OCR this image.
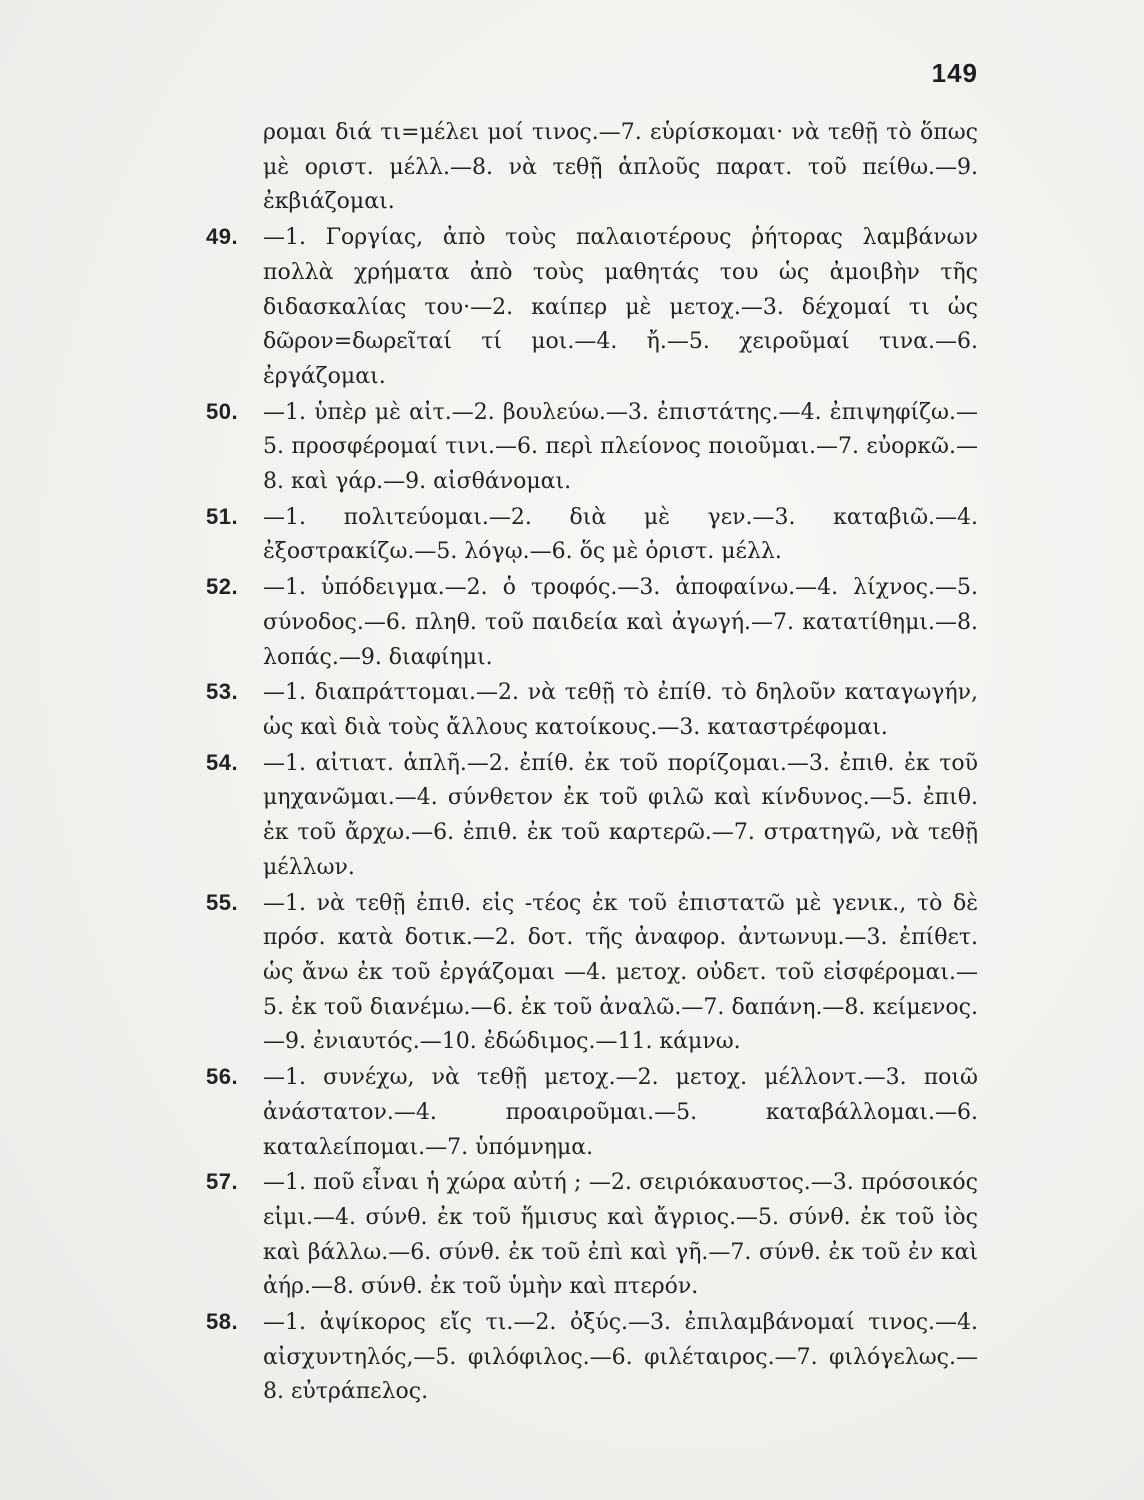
149

ρομαι διά τι=μέλει μοί τινος.—7. εὑρίσκομαι· νὰ τεθῇ τὸ ὅπως μὲ οριστ. μέλλ.—8. νὰ τεθῇ ἁπλοῦς παρατ. τοῦ πείθω.—9. ἐκβιάζομαι.

49.	—1. Γοργίας, ἀπὸ τοὺς παλαιοτέρους ῥήτορας λαμβάνων πολλὰ χρήματα ἀπὸ τοὺς μαθητάς του ὡς ἀμοιβὴν τῆς διδασκαλίας του·—2. καίπερ μὲ μετοχ.—3. δέχομαί τι ὡς δῶρον=δωρεῖταί τί μοι.—4. ἤ.—5. χειροῦμαί τινα.—6. ἐργάζομαι.

50.	—1. ὑπὲρ μὲ αἰτ.—2. βουλεύω.—3. ἐπιστάτης.—4. ἐπιψηφίζω.—5. προσφέρομαί τινι.—6. περὶ πλείονος ποιοῦμαι.—7. εὐορκῶ.—8. καὶ γάρ.—9. αἰσθάνομαι.

51.	—1. πολιτεύομαι.—2. διὰ μὲ γεν.—3. καταβιῶ.—4. ἐξοστρακίζω.—5. λόγῳ.—6. ὅς μὲ ὁριστ. μέλλ.

52.	—1. ὑπόδειγμα.—2. ὁ τροφός.—3. ἀποφαίνω.—4. λίχνος.—5. σύνοδος.—6. πληθ. τοῦ παιδεία καὶ ἀγωγή.—7. κατατίθημι.—8. λοπάς.—9. διαφίημι.

53.	—1. διαπράττομαι.—2. νὰ τεθῇ τὸ ἐπίθ. τὸ δηλοῦν καταγωγήν, ὡς καὶ διὰ τοὺς ἄλλους κατοίκους.—3. καταστρέφομαι.

54.	—1. αἰτιατ. ἁπλῆ.—2. ἐπίθ. ἐκ τοῦ πορίζομαι.—3. ἐπιθ. ἐκ τοῦ μηχανῶμαι.—4. σύνθετον ἐκ τοῦ φιλῶ καὶ κίνδυνος.—5. ἐπιθ. ἐκ τοῦ ἄρχω.—6. ἐπιθ. ἐκ τοῦ καρτερῶ.—7. στρατηγῶ, νὰ τεθῇ μέλλων.

55.	—1. νὰ τεθῇ ἐπιθ. εἰς -τέος ἐκ τοῦ ἐπιστατῶ μὲ γενικ., τὸ δὲ πρόσ. κατὰ δοτικ.—2. δοτ. τῆς ἀναφορ. ἀντωνυμ.—3. ἐπίθετ. ὡς ἄνω ἐκ τοῦ ἐργάζομαι —4. μετοχ. οὐδετ. τοῦ εἰσφέρομαι.—5. ἐκ τοῦ διανέμω.—6. ἐκ τοῦ ἀναλῶ.—7. δαπάνη.—8. κείμενος.—9. ἐνιαυτός.—10. ἐδώδιμος.—11. κάμνω.

56.	—1. συνέχω, νὰ τεθῇ μετοχ.—2. μετοχ. μέλλοντ.—3. ποιῶ ἀνάστατον.—4. προαιροῦμαι.—5. καταβάλλομαι.—6. καταλείπομαι.—7. ὑπόμνημα.

57.	—1. ποῦ εἶναι ἡ χώρα αὐτή ; —2. σειριόκαυστος.—3. πρόσοικός εἰμι.—4. σύνθ. ἐκ τοῦ ἥμισυς καὶ ἄγριος.—5. σύνθ. ἐκ τοῦ ἰὸς καὶ βάλλω.—6. σύνθ. ἐκ τοῦ ἐπὶ καὶ γῆ.—7. σύνθ. ἐκ τοῦ ἐν καὶ ἀήρ.—8. σύνθ. ἐκ τοῦ ὑμὴν καὶ πτερόν.

58.	—1. ἀψίκορος εἴς τι.—2. ὀξύς.—3. ἐπιλαμβάνομαί τινος.—4. αἰσχυντηλός,—5. φιλόφιλος.—6. φιλέταιρος.—7. φιλόγελως.—8. εὐτράπελος.
